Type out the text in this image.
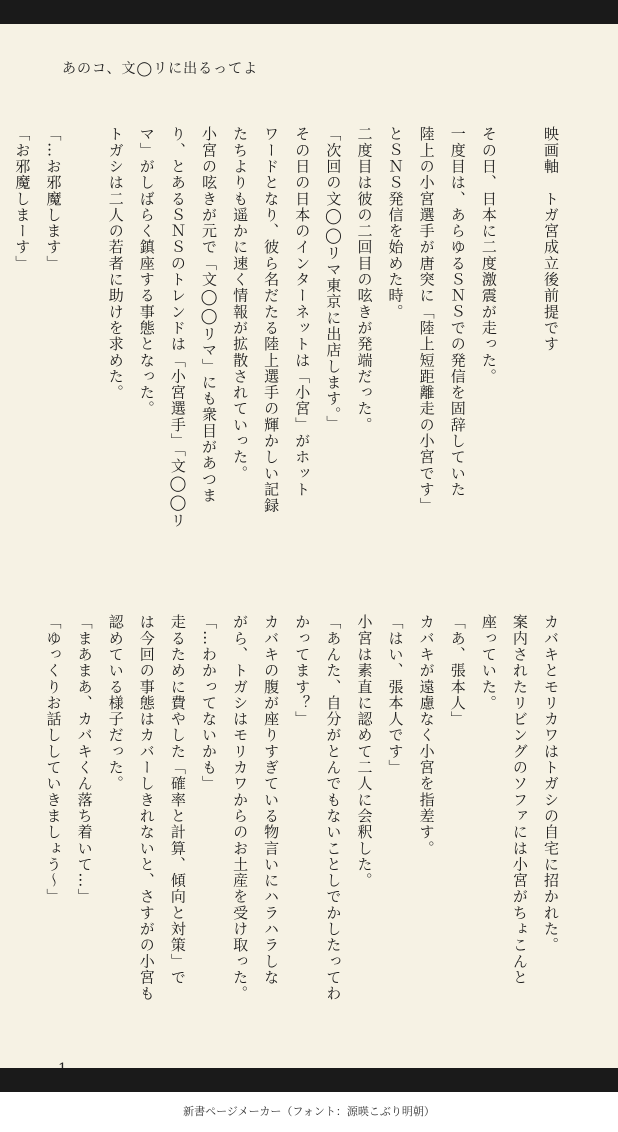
あのコ、文◯リに出るってよ
映画軸　トガ宮成立後前提です
その日、日本に二度激震が走った。
一度目は、あらゆるＳＮＳでの発信を固辞していた
陸上の小宮選手が唐突に「陸上短距離走の小宮です」
とＳＮＳ発信を始めた時。
二度目は彼の二回目の呟きが発端だった。
「次回の文◯◯リマ東京に出店します。」
その日の日本のインターネットは「小宮」がホット
ワードとなり、彼ら名だたる陸上選手の輝かしい記録
たちよりも遥かに速く情報が拡散されていった。
小宮の呟きが元で「文◯◯リマ」にも衆目があつま
り、とあるＳＮＳのトレンドは「小宮選手」「文◯◯リ
マ」がしばらく鎮座する事態となった。
トガシは二人の若者に助けを求めた。
「…お邪魔します」
「お邪魔しまーす」
カバキとモリカワはトガシの自宅に招かれた。
案内されたリビングのソファには小宮がちょこんと
座っていた。
「あ、張本人」
カバキが遠慮なく小宮を指差す。
「はい、張本人です」
小宮は素直に認めて二人に会釈した。
「あんた、自分がとんでもないことしでかしたってわ
かってます？」
カバキの腹が座りすぎている物言いにハラハラしな
がら、トガシはモリカワからのお土産を受け取った。
「…わかってないかも」
走るために費やした「確率と計算、傾向と対策」で
は今回の事態はカバーしきれないと、さすがの小宮も
認めている様子だった。
「まあまあ、カバキくん落ち着いて…」
「ゆっくりお話ししていきましょう～」
新書ページメーカー（フォント：源暎こぶり明朝）
